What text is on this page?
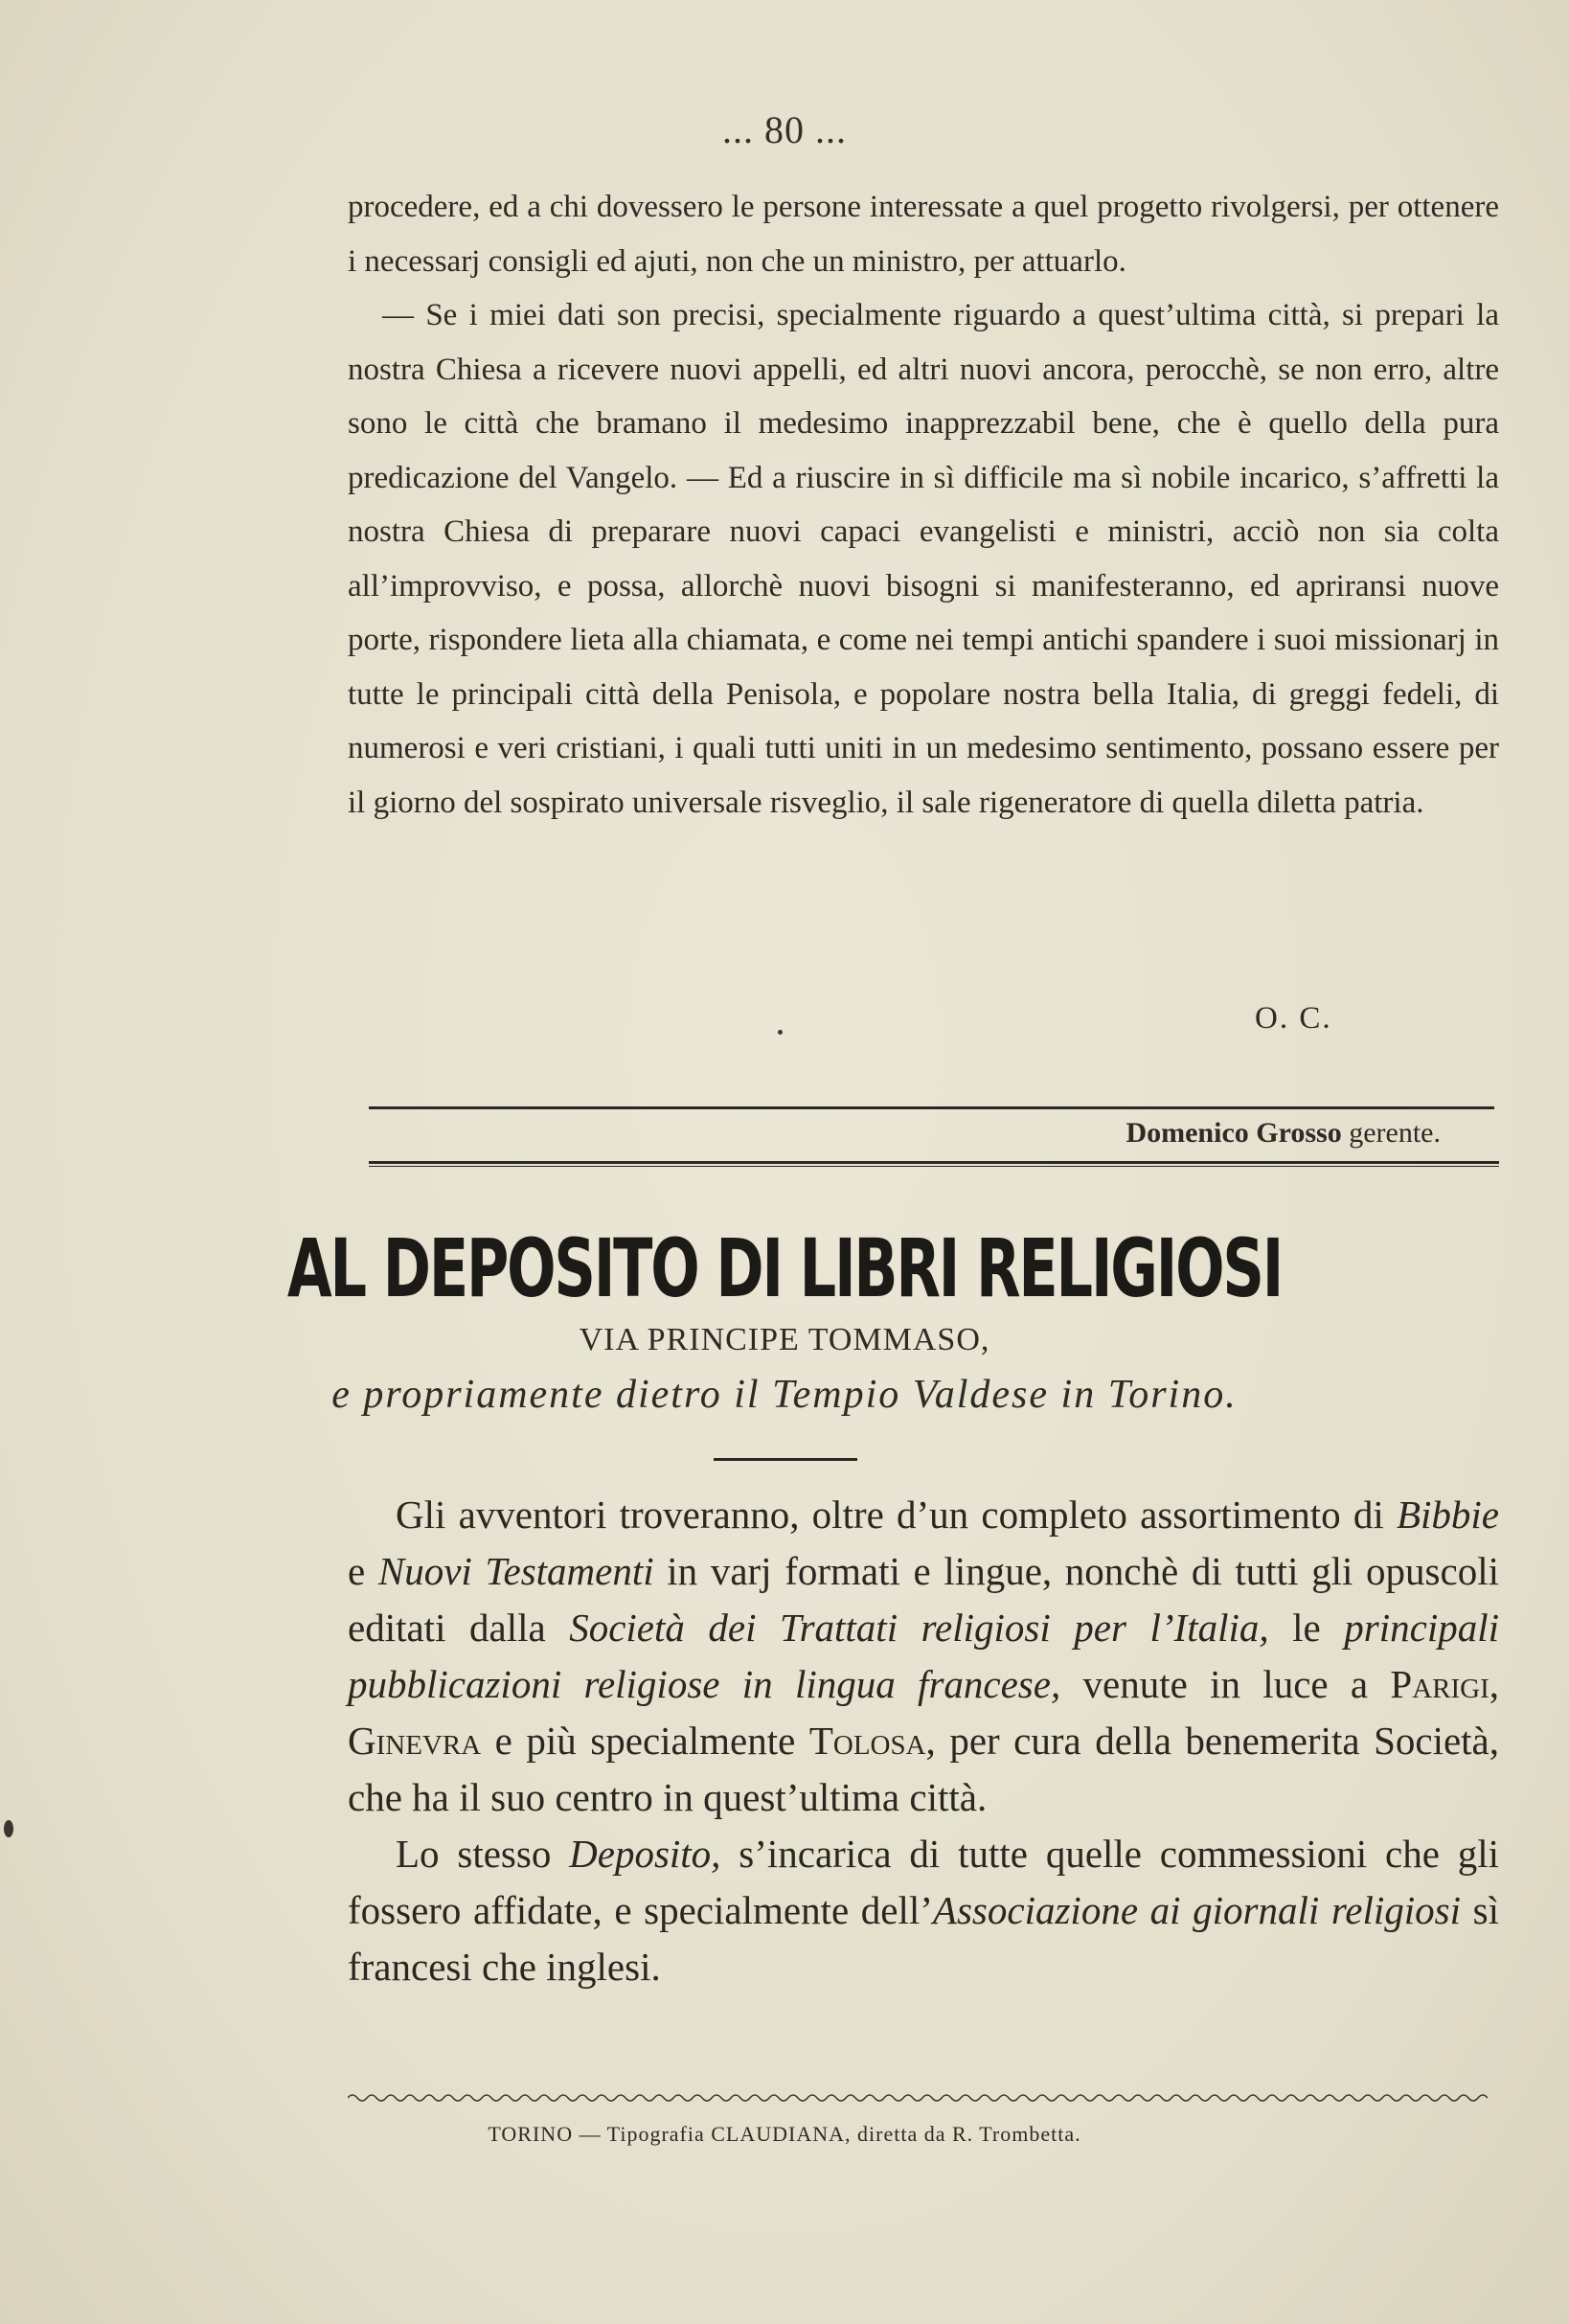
... 80 ...

procedere, ed a chi dovessero le persone interessate a quel progetto rivolgersi, per ottenere i necessarj consigli ed ajuti, non che un ministro, per attuarlo.

— Se i miei dati son precisi, specialmente riguardo a quest’ultima città, si prepari la nostra Chiesa a ricevere nuovi appelli, ed altri nuovi ancora, perocchè, se non erro, altre sono le città che bramano il medesimo inapprezzabil bene, che è quello della pura predicazione del Vangelo. — Ed a riuscire in sì difficile ma sì nobile incarico, s’affretti la nostra Chiesa di preparare nuovi capaci evangelisti e ministri, acciò non sia colta all’improvviso, e possa, allorchè nuovi bisogni si manifesteranno, ed apriransi nuove porte, rispondere lieta alla chiamata, e come nei tempi antichi spandere i suoi missionarj in tutte le principali città della Penisola, e popolare nostra bella Italia, di greggi fedeli, di numerosi e veri cristiani, i quali tutti uniti in un medesimo sentimento, possano essere per il giorno del sospirato universale risveglio, il sale rigeneratore di quella diletta patria.

O. C.
Domenico Grosso gerente.
AL DEPOSITO DI LIBRI RELIGIOSI
VIA PRINCIPE TOMMASO,
e propriamente dietro il Tempio Valdese in Torino.

Gli avventori troveranno, oltre d’un completo assortimento di Bibbie e Nuovi Testamenti in varj formati e lingue, nonchè di tutti gli opuscoli editati dalla Società dei Trattati religiosi per l’Italia, le principali pubblicazioni religiose in lingua francese, venute in luce a Parigi, Ginevra e più specialmente Tolosa, per cura della benemerita Società, che ha il suo centro in quest’ultima città.

Lo stesso Deposito, s’incarica di tutte quelle commessioni che gli fossero affidate, e specialmente dell’Associazione ai giornali religiosi sì francesi che inglesi.

TORINO — Tipografia CLAUDIANA, diretta da R. Trombetta.
